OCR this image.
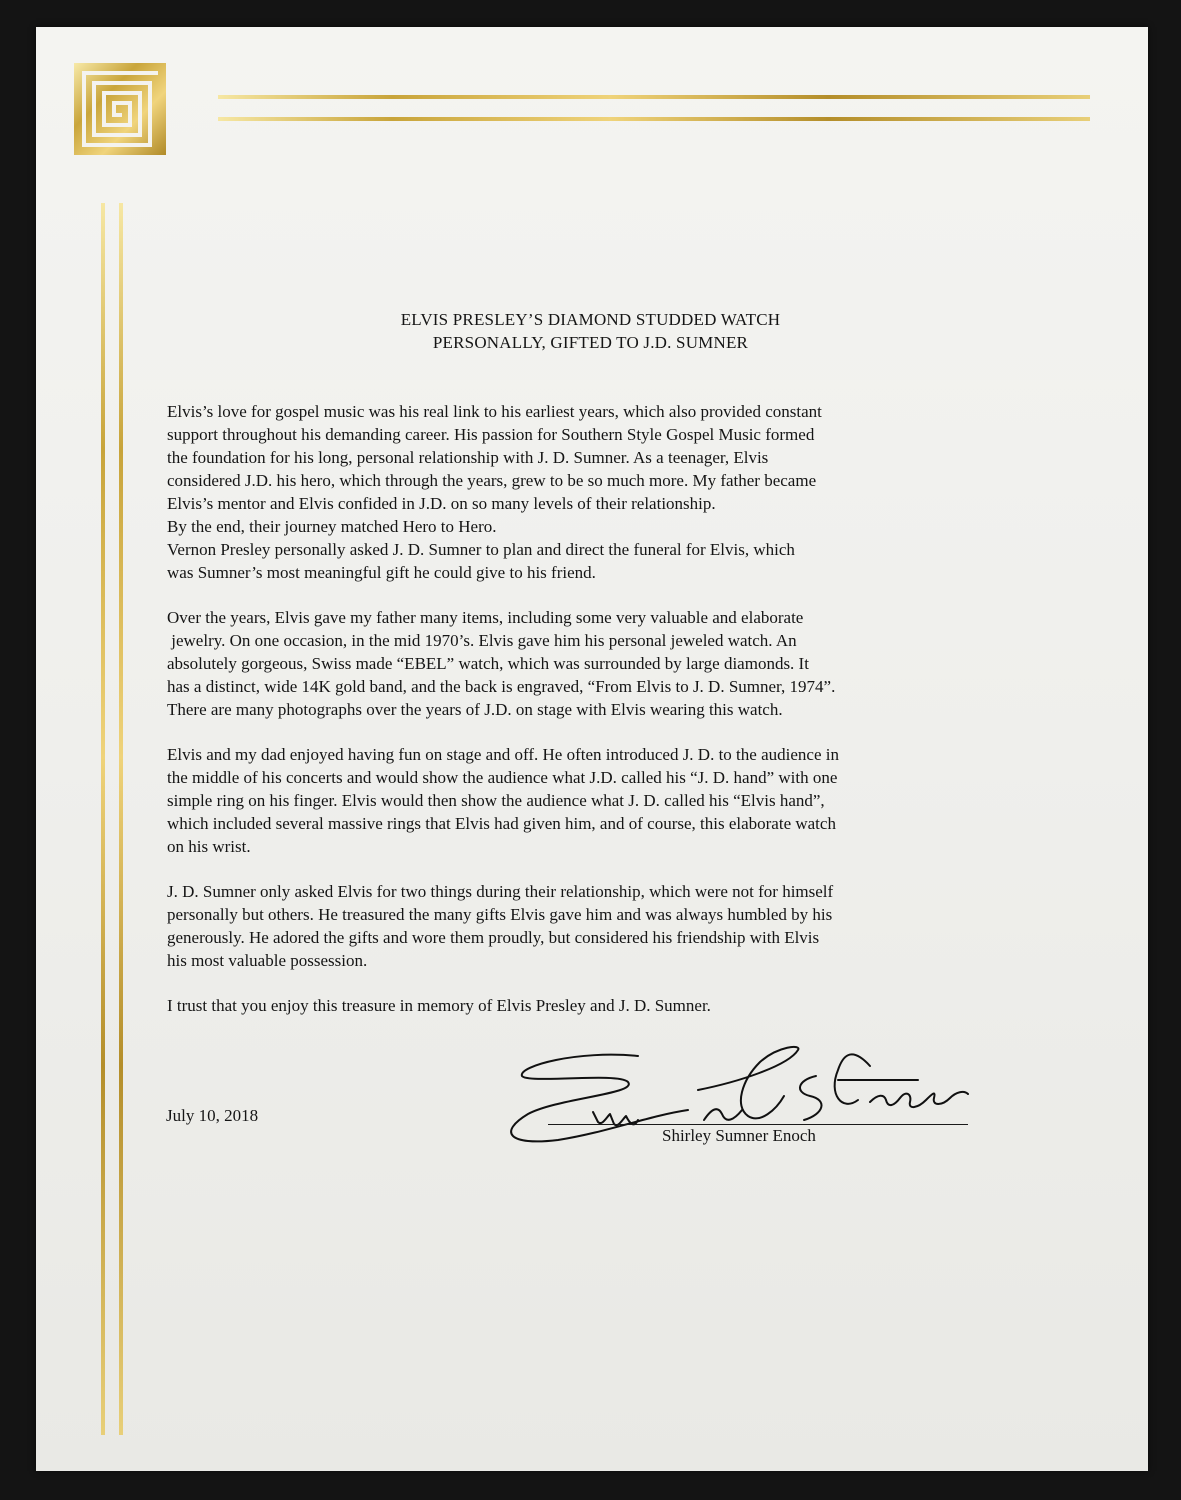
ELVIS PRESLEY’S DIAMOND STUDDED WATCH
PERSONALLY, GIFTED TO J.D. SUMNER

Elvis’s love for gospel music was his real link to his earliest years, which also provided constant
support throughout his demanding career. His passion for Southern Style Gospel Music formed
the foundation for his long, personal relationship with J. D. Sumner. As a teenager, Elvis
considered J.D. his hero, which through the years, grew to be so much more. My father became
Elvis’s mentor and Elvis confided in J.D. on so many levels of their relationship.
By the end, their journey matched Hero to Hero.
Vernon Presley personally asked J. D. Sumner to plan and direct the funeral for Elvis, which
was Sumner’s most meaningful gift he could give to his friend.

Over the years, Elvis gave my father many items, including some very valuable and elaborate
jewelry. On one occasion, in the mid 1970’s. Elvis gave him his personal jeweled watch. An
absolutely gorgeous, Swiss made “EBEL” watch, which was surrounded by large diamonds. It
has a distinct, wide 14K gold band, and the back is engraved, “From Elvis to J. D. Sumner, 1974”.
There are many photographs over the years of J.D. on stage with Elvis wearing this watch.

Elvis and my dad enjoyed having fun on stage and off. He often introduced J. D. to the audience in
the middle of his concerts and would show the audience what J.D. called his “J. D. hand” with one
simple ring on his finger. Elvis would then show the audience what J. D. called his “Elvis hand”,
which included several massive rings that Elvis had given him, and of course, this elaborate watch
on his wrist.

J. D. Sumner only asked Elvis for two things during their relationship, which were not for himself
personally but others. He treasured the many gifts Elvis gave him and was always humbled by his
generously. He adored the gifts and wore them proudly, but considered his friendship with Elvis
his most valuable possession.

I trust that you enjoy this treasure in memory of Elvis Presley and J. D. Sumner.

July 10, 2018
Shirley Sumner Enoch
